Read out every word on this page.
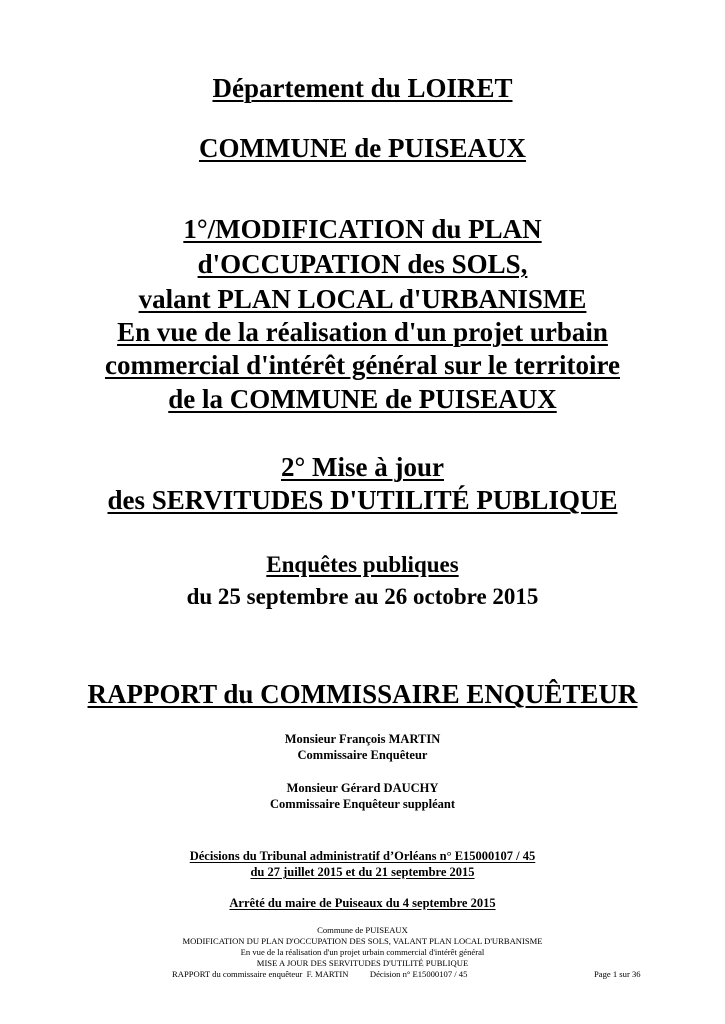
Département du LOIRET
COMMUNE de PUISEAUX
1°/MODIFICATION du PLAN
d'OCCUPATION des SOLS,
valant PLAN LOCAL d'URBANISME
En vue de la réalisation d'un projet urbain
commercial d'intérêt général sur le territoire
de la COMMUNE de PUISEAUX
2° Mise à jour
des SERVITUDES D'UTILITÉ PUBLIQUE
Enquêtes publiques
du 25 septembre au 26 octobre 2015
RAPPORT du COMMISSAIRE ENQUÊTEUR
Monsieur François MARTIN
Commissaire Enquêteur
Monsieur Gérard DAUCHY
Commissaire Enquêteur suppléant
Décisions du Tribunal administratif d’Orléans n° E15000107 / 45
du 27 juillet 2015 et du 21 septembre 2015
Arrêté du maire de Puiseaux du 4 septembre 2015
Commune de PUISEAUX
MODIFICATION DU PLAN D'OCCUPATION DES SOLS, VALANT PLAN LOCAL D'URBANISME
En vue de la réalisation d'un projet urbain commercial d'intérêt général
MISE A JOUR DES SERVITUDES D'UTILITÉ PUBLIQUE
RAPPORT du commissaire enquêteur  F. MARTIN          Décision n° E15000107 / 45	Page 1 sur 36
